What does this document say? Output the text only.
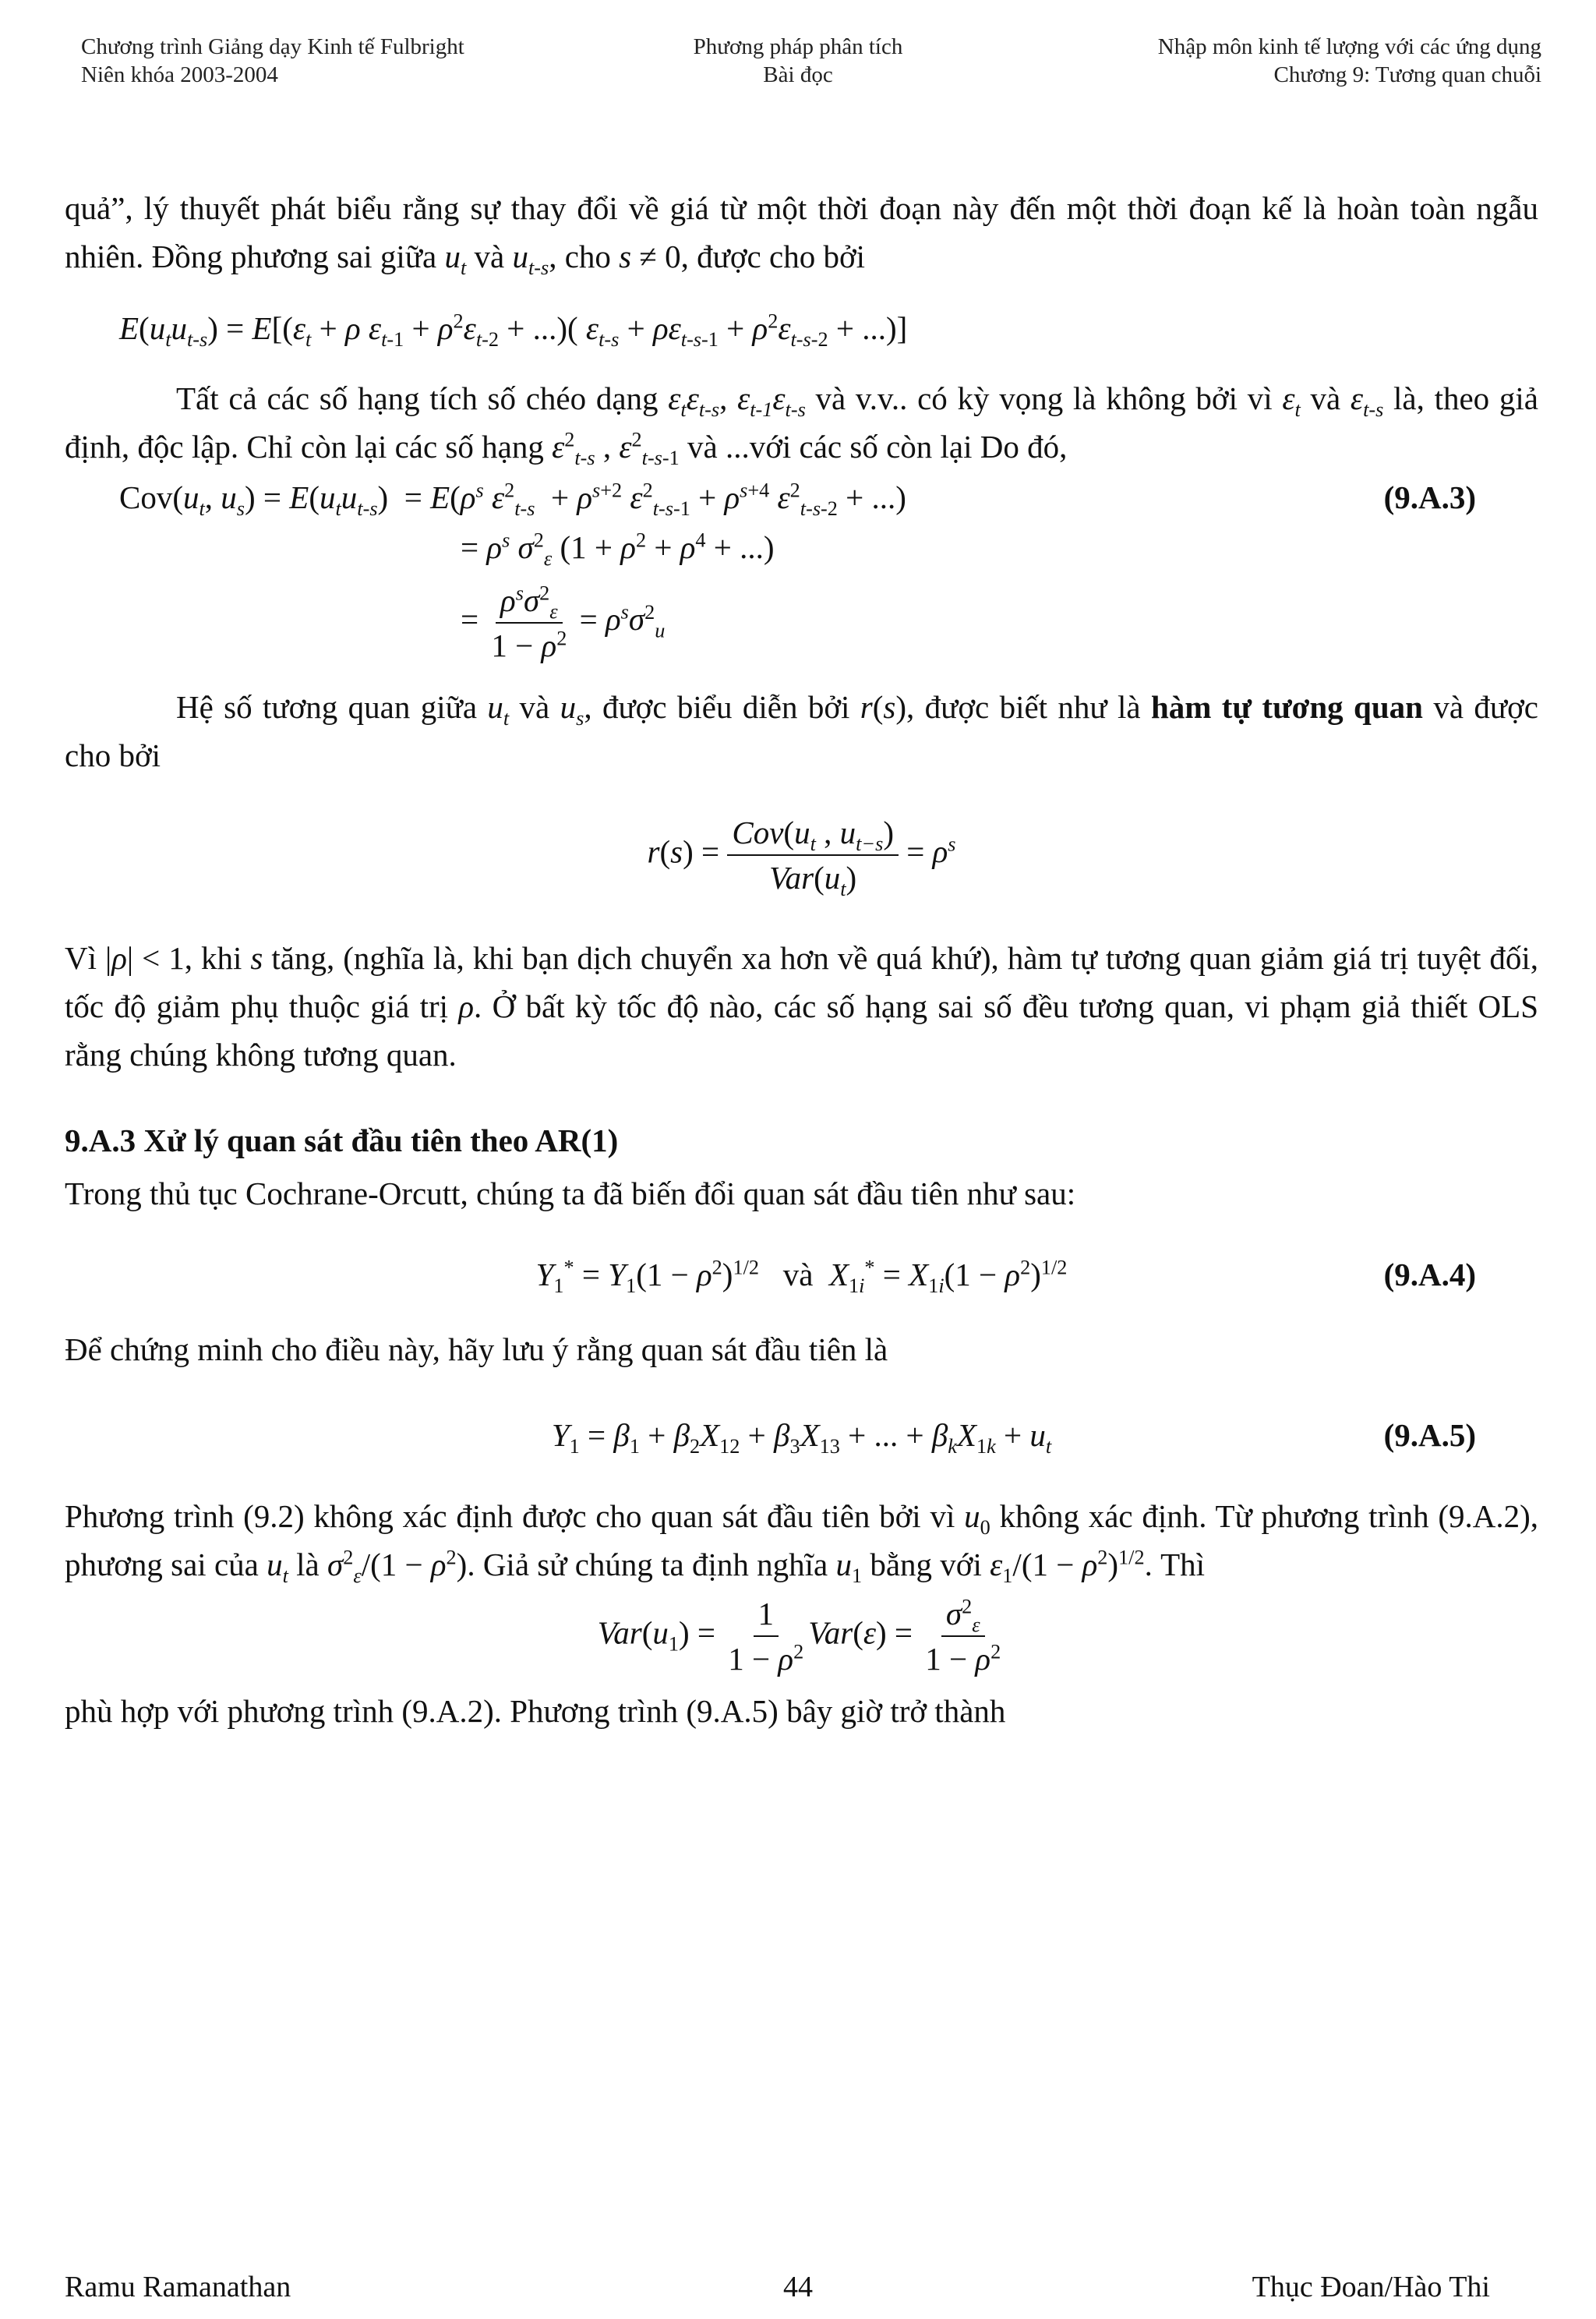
Chương trình Giảng dạy Kinh tế Fulbright
Niên khóa 2003-2004
Phương pháp phân tích
Bài đọc
Nhập môn kinh tế lượng với các ứng dụng
Chương 9: Tương quan chuỗi

quả”, lý thuyết phát biểu rằng sự thay đổi về giá từ một thời đoạn này đến một thời đoạn kế là hoàn toàn ngẫu nhiên. Đồng phương sai giữa $u_t$ và $u_{t-s}$, cho s ≠ 0, được cho bởi

$E(u_tu_{t-s}) = E[(\varepsilon_t + \rho$ $\varepsilon_{t-1} + \rho^2\varepsilon_{t-2}$ + ...)( $\varepsilon_{t-s} + \rho\varepsilon_{t-s-1} + \rho^2\varepsilon_{t-s-2}$ + ...)]

Tất cả các số hạng tích số chéo dạng $\varepsilon_t\varepsilon_{t-s}$, $\varepsilon_{t-1}\varepsilon_{t-s}$ và v.v.. có kỳ vọng là không bởi vì $\varepsilon_t$ và $\varepsilon_{t-s}$ là, theo giả định, độc lập. Chỉ còn lại các số hạng $\varepsilon^2_{t-s}$ , $\varepsilon^2_{t-s-1}$ và ...với các số còn lại Do đó,

$Cov(u_t$, $u_s) = E(u_tu_{t-s}) = E(\rho^s$ $\varepsilon^2_{t-s} + \rho^{s+2}$ $\varepsilon^2_{t-s-1} + \rho^{s+4}$ $\varepsilon^2_{t-s-2}$ + ...)	(9.A.3)
= $\rho^s$ $\sigma^2_\varepsilon$ ($1 + \rho^2 + \rho^4$ + ...)
= $\frac{\rho^s\sigma^2_\varepsilon}{1 - \rho^2} = \rho^s\sigma^2_u$

Hệ số tương quan giữa $u_t$ và $u_s$, được biểu diễn bởi r(s), được biết như là hàm tự tương quan và được cho bởi

$r(s) = \frac{Cov(u_t , u_{t-s})}{Var(u_t)} = \rho^s$

Vì |ρ| < 1, khi s tăng, (nghĩa là, khi bạn dịch chuyển xa hơn về quá khứ), hàm tự tương quan giảm giá trị tuyệt đối, tốc độ giảm phụ thuộc giá trị ρ. Ở bất kỳ tốc độ nào, các số hạng sai số đều tương quan, vi phạm giả thiết OLS rằng chúng không tương quan.

9.A.3 Xử lý quan sát đầu tiên theo AR(1)

Trong thủ tục Cochrane-Orcutt, chúng ta đã biến đổi quan sát đầu tiên như sau:

$Y_1^* = Y_1(1 - \rho^2)^{1/2}$ và $X_{1i}^* = X_{1i}(1 - \rho^2)^{1/2}$	(9.A.4)

Để chứng minh cho điều này, hãy lưu ý rằng quan sát đầu tiên là

$Y_1 = \beta_1 + \beta_2X_{12} + \beta_3X_{13}$ + ... + $\beta_kX_{1k} + u_t$	(9.A.5)

Phương trình (9.2) không xác định được cho quan sát đầu tiên bởi vì $u_0$ không xác định. Từ phương trình (9.A.2), phương sai của $u_t$ là $\sigma^2_\varepsilon/(1 - \rho^2)$. Giả sử chúng ta định nghĩa $u_1$ bằng với $\varepsilon_1/(1 - \rho^2)^{1/2}$. Thì

$Var(u_1) = \frac{1}{1 - \rho^2} Var(\varepsilon) = \frac{\sigma^2_\varepsilon}{1 - \rho^2}$

phù hợp với phương trình (9.A.2). Phương trình (9.A.5) bây giờ trở thành

Ramu Ramanathan	44	Thục Đoan/Hào Thi
